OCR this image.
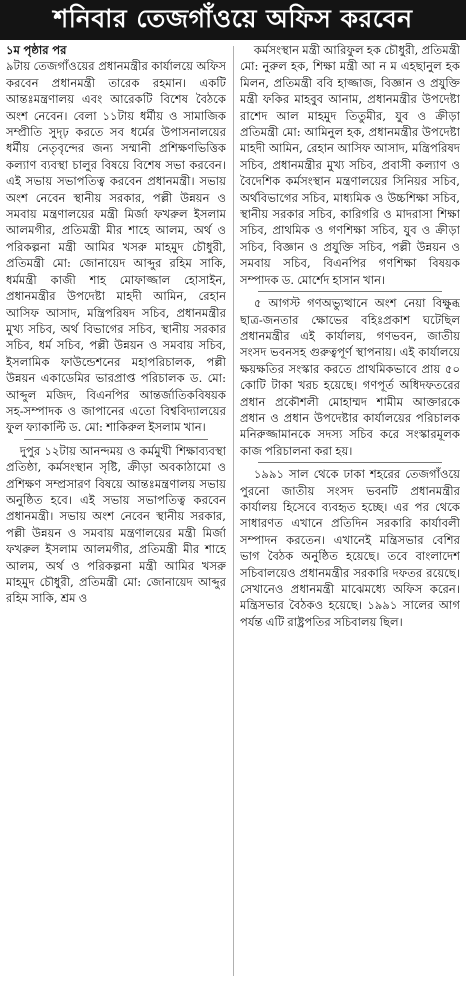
শনিবার তেজগাঁওয়ে অফিস করবেন

১ম পৃষ্ঠার পর
৯টায় তেজগাঁওয়ের প্রধানমন্ত্রীর কার্যালয়ে অফিস করবেন প্রধানমন্ত্রী তারেক রহমান। একটি আন্তঃমন্ত্রণালয় এবং আরেকটি বিশেষ বৈঠকে অংশ নেবেন। বেলা ১১টায় ধর্মীয় ও সামাজিক সম্প্রীতি সুদৃঢ় করতে সব ধর্মের উপাসনালয়ের ধর্মীয় নেতৃবৃন্দের জন্য সম্মানী প্রশিক্ষণভিত্তিক কল্যাণ ব্যবস্থা চালুর বিষয়ে বিশেষ সভা করবেন। এই সভায় সভাপতিত্ব করবেন প্রধানমন্ত্রী। সভায় অংশ নেবেন স্থানীয় সরকার, পল্লী উন্নয়ন ও সমবায় মন্ত্রণালয়ের মন্ত্রী মির্জা ফখরুল ইসলাম আলমগীর, প্রতিমন্ত্রী মীর শাহে আলম, অর্থ ও পরিকল্পনা মন্ত্রী আমির খসরু মাহমুদ চৌধুরী, প্রতিমন্ত্রী মো: জোনায়েদ আব্দুর রহিম সাকি, ধর্মমন্ত্রী কাজী শাহ মোফাজ্জাল হোসাইন, প্রধানমন্ত্রীর উপদেষ্টা মাহদী আমিন, রেহান আসিফ আসাদ, মন্ত্রিপরিষদ সচিব, প্রধানমন্ত্রীর মুখ্য সচিব, অর্থ বিভাগের সচিব, স্থানীয় সরকার সচিব, ধর্ম সচিব, পল্লী উন্নয়ন ও সমবায় সচিব, ইসলামিক ফাউন্ডেশনের মহাপরিচালক, পল্লী উন্নয়ন একাডেমির ভারপ্রাপ্ত পরিচালক ড. মো: আব্দুল মজিদ, বিএনপির আন্তর্জাতিকবিষয়ক সহ-সম্পাদক ও জাপানের এতো বিশ্ববিদ্যালয়ের ফুল ফ্যাকাল্টি ড. মো: শাকিরুল ইসলাম খান।

দুপুর ১২টায় আনন্দময় ও কর্মমুখী শিক্ষাব্যবস্থা প্রতিষ্ঠা, কর্মসংস্থান সৃষ্টি, ক্রীড়া অবকাঠামো ও প্রশিক্ষণ সম্প্রসারণ বিষয়ে আন্তঃমন্ত্রণালয় সভায় অনুষ্ঠিত হবে। এই সভায় সভাপতিত্ব করবেন প্রধানমন্ত্রী। সভায় অংশ নেবেন স্থানীয় সরকার, পল্লী উন্নয়ন ও সমবায় মন্ত্রণালয়ের মন্ত্রী মির্জা ফখরুল ইসলাম আলমগীর, প্রতিমন্ত্রী মীর শাহে আলম, অর্থ ও পরিকল্পনা মন্ত্রী আমির খসরু মাহমুদ চৌধুরী, প্রতিমন্ত্রী মো: জোনায়েদ আব্দুর রহিম সাকি, শ্রম ও

কর্মসংস্থান মন্ত্রী আরিফুল হক চৌধুরী, প্রতিমন্ত্রী মো: নুরুল হক, শিক্ষা মন্ত্রী আ ন ম এহছানুল হক মিলন, প্রতিমন্ত্রী ববি হাজ্জাজ, বিজ্ঞান ও প্রযুক্তি মন্ত্রী ফকির মাহবুব আনাম, প্রধানমন্ত্রীর উপদেষ্টা রাশেদ আল মাহমুদ তিতুমীর, যুব ও ক্রীড়া প্রতিমন্ত্রী মো: আমিনুল হক, প্রধানমন্ত্রীর উপদেষ্টা মাহদী আমিন, রেহান আসিফ আসাদ, মন্ত্রিপরিষদ সচিব, প্রধানমন্ত্রীর মুখ্য সচিব, প্রবাসী কল্যাণ ও বৈদেশিক কর্মসংস্থান মন্ত্রণালয়ের সিনিয়র সচিব, অর্থবিভাগের সচিব, মাধ্যমিক ও উচ্চশিক্ষা সচিব, স্থানীয় সরকার সচিব, কারিগরি ও মাদরাসা শিক্ষা সচিব, প্রাথমিক ও গণশিক্ষা সচিব, যুব ও ক্রীড়া সচিব, বিজ্ঞান ও প্রযুক্তি সচিব, পল্লী উন্নয়ন ও সমবায় সচিব, বিএনপির গণশিক্ষা বিষয়ক সম্পাদক ড. মোর্শেদ হাসান খান।

৫ আগস্ট গণঅভ্যুত্থানে অংশ নেয়া বিক্ষুব্ধ ছাত্র-জনতার ক্ষোভের বহিঃপ্রকাশ ঘটেছিল প্রধানমন্ত্রীর এই কার্যালয়, গণভবন, জাতীয় সংসদ ভবনসহ গুরুত্বপূর্ণ স্থাপনায়। এই কার্যালয়ে ক্ষয়ক্ষতির সংস্কার করতে প্রাথমিকভাবে প্রায় ৫০ কোটি টাকা খরচ হয়েছে। গণপূর্ত অধিদফতরের প্রধান প্রকৌশলী মোহাম্মদ শামীম আক্তারকে প্রধান ও প্রধান উপদেষ্টার কার্যালয়ের পরিচালক মনিরুজ্জামানকে সদস্য সচিব করে সংস্কারমূলক কাজ পরিচালনা করা হয়।

১৯৯১ সাল থেকে ঢাকা শহরের তেজগাঁওয়ে পুরনো জাতীয় সংসদ ভবনটি প্রধানমন্ত্রীর কার্যালয় হিসেবে ব্যবহৃত হচ্ছে। এর পর থেকে সাধারণত এখানে প্রতিদিন সরকারি কার্যাবলী সম্পাদন করতেন। এখানেই মন্ত্রিসভার বেশির ভাগ বৈঠক অনুষ্ঠিত হয়েছে। তবে বাংলাদেশ সচিবালয়েও প্রধানমন্ত্রীর সরকারি দফতর রয়েছে। সেখানেও প্রধানমন্ত্রী মাঝেমধ্যে অফিস করেন। মন্ত্রিসভার বৈঠকও হয়েছে। ১৯৯১ সালের আগ পর্যন্ত এটি রাষ্ট্রপতির সচিবালয় ছিল।
